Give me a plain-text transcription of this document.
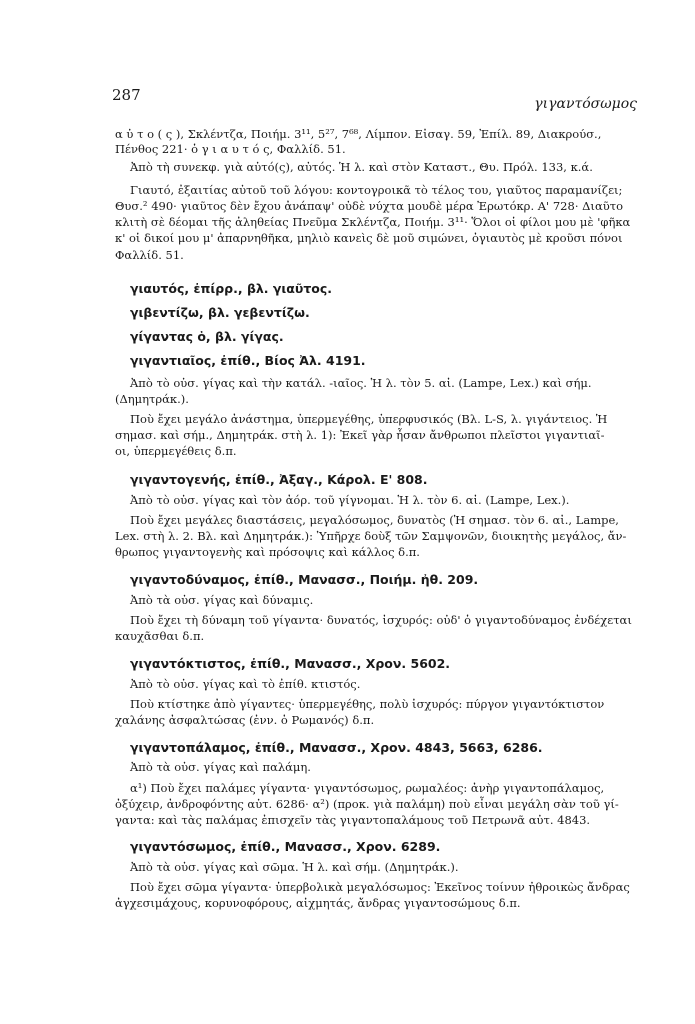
287	γιγαντόσωμος
α ὐ τ ο ( ς ), Σκλέντζα, Ποιήμ. 3¹¹, 5²⁷, 7⁶⁸, Λίμπον. Εἰσαγ. 59, Ἐπίλ. 89, Διακρούσ.,
Πένθος 221· ὁ γ ι α υ τ ό ς, Φαλλίδ. 51.
Ἀπὸ τὴ συνεκφ. γιὰ αὐτό(ς), αὐτός. Ἡ λ. καὶ στὸν Καταστ., Θυ. Πρόλ. 133, κ.ά.
Γιαυτό, ἐξαιτίας αὐτοῦ τοῦ λόγου: κοντογροικᾶ τὸ τέλος του, γιαῦτος παραμανίζει;
Θυσ.² 490· γιαῦτος δὲν ἔχου ἀνάπαψ' οὐδὲ νύχτα μουδὲ μέρα Ἐρωτόκρ. Α' 728· Διαῦτο
κλιτὴ σὲ δέομαι τῆς ἀληθείας Πνεῦμα Σκλέντζα, Ποιήμ. 3¹¹· Ὅλοι οἱ φίλοι μου μὲ 'φῆκα
κ' οἱ δικοί μου μ' ἀπαρνηθῆκα, μηλιὸ κανεὶς δὲ μοῦ σιμώνει, ὀγιαυτὸς μὲ κροῦσι πόνοι
Φαλλίδ. 51.
γιαυτός, ἐπίρρ., βλ. γιαῦτος.
γιβεντίζω, βλ. γεβεντίζω.
γίγαντας ὁ, βλ. γίγας.
γιγαντιαῖος, ἐπίθ., Βίος Ἀλ. 4191.
Ἀπὸ τὸ οὐσ. γίγας καὶ τὴν κατάλ. -ιαῖος. Ἡ λ. τὸν 5. αἰ. (Lampe, Lex.) καὶ σήμ.
(Δημητράκ.).
Ποὺ ἔχει μεγάλο ἀνάστημα, ὑπερμεγέθης, ὑπερφυσικός (Βλ. L-S, λ. γιγάντειος. Ἡ
σημασ. καὶ σήμ., Δημητράκ. στὴ λ. 1): Ἐκεῖ γὰρ ἦσαν ἄνθρωποι πλεῖστοι γιγαντιαῖ-
οι, ὑπερμεγέθεις δ.π.
γιγαντογενής, ἐπίθ., Ἀξαγ., Κάρολ. Ε' 808.
Ἀπὸ τὸ οὐσ. γίγας καὶ τὸν ἀόρ. τοῦ γίγνομαι. Ἡ λ. τὸν 6. αἰ. (Lampe, Lex.).
Ποὺ ἔχει μεγάλες διαστάσεις, μεγαλόσωμος, δυνατὸς (Ἡ σημασ. τὸν 6. αἰ., Lampe,
Lex. στὴ λ. 2. Βλ. καὶ Δημητράκ.): Ὑπῆρχε δοὺξ τῶν Σαμψονῶν, διοικητὴς μεγάλος, ἄν-
θρωπος γιγαντογενὴς καὶ πρόσοψις καὶ κάλλος δ.π.
γιγαντοδύναμος, ἐπίθ., Μανασσ., Ποιήμ. ἠθ. 209.
Ἀπὸ τὰ οὐσ. γίγας καὶ δύναμις.
Ποὺ ἔχει τὴ δύναμη τοῦ γίγαντα· δυνατός, ἰσχυρός: οὐδ' ὁ γιγαντοδύναμος ἐνδέχεται
καυχᾶσθαι δ.π.
γιγαντόκτιστος, ἐπίθ., Μανασσ., Χρον. 5602.
Ἀπὸ τὸ οὐσ. γίγας καὶ τὸ ἐπίθ. κτιστός.
Ποὺ κτίστηκε ἀπὸ γίγαντες· ὑπερμεγέθης, πολὺ ἰσχυρός: πύργον γιγαντόκτιστον
χαλάνης ἀσφαλτώσας (ἐνν. ὁ Ρωμανός) δ.π.
γιγαντοπάλαμος, ἐπίθ., Μανασσ., Χρον. 4843, 5663, 6286.
Ἀπὸ τὰ οὐσ. γίγας καὶ παλάμη.
α¹) Ποὺ ἔχει παλάμες γίγαντα· γιγαντόσωμος, ρωμαλέος: ἀνὴρ γιγαντοπάλαμος,
ὀξύχειρ, ἀνδροφόντης αὐτ. 6286· α²) (προκ. γιὰ παλάμη) ποὺ εἶναι μεγάλη σὰν τοῦ γί-
γαντα: καὶ τὰς παλάμας ἐπισχεῖν τὰς γιγαντοπαλάμους τοῦ Πετρωνᾶ αὐτ. 4843.
γιγαντόσωμος, ἐπίθ., Μανασσ., Χρον. 6289.
Ἀπὸ τὰ οὐσ. γίγας καὶ σῶμα. Ἡ λ. καὶ σήμ. (Δημητράκ.).
Ποὺ ἔχει σῶμα γίγαντα· ὑπερβολικὰ μεγαλόσωμος: Ἐκεῖνος τοίνυν ἠθροικὼς ἄνδρας
ἀγχεσιμάχους, κορυνοφόρους, αἰχμητάς, ἄνδρας γιγαντοσώμους δ.π.
